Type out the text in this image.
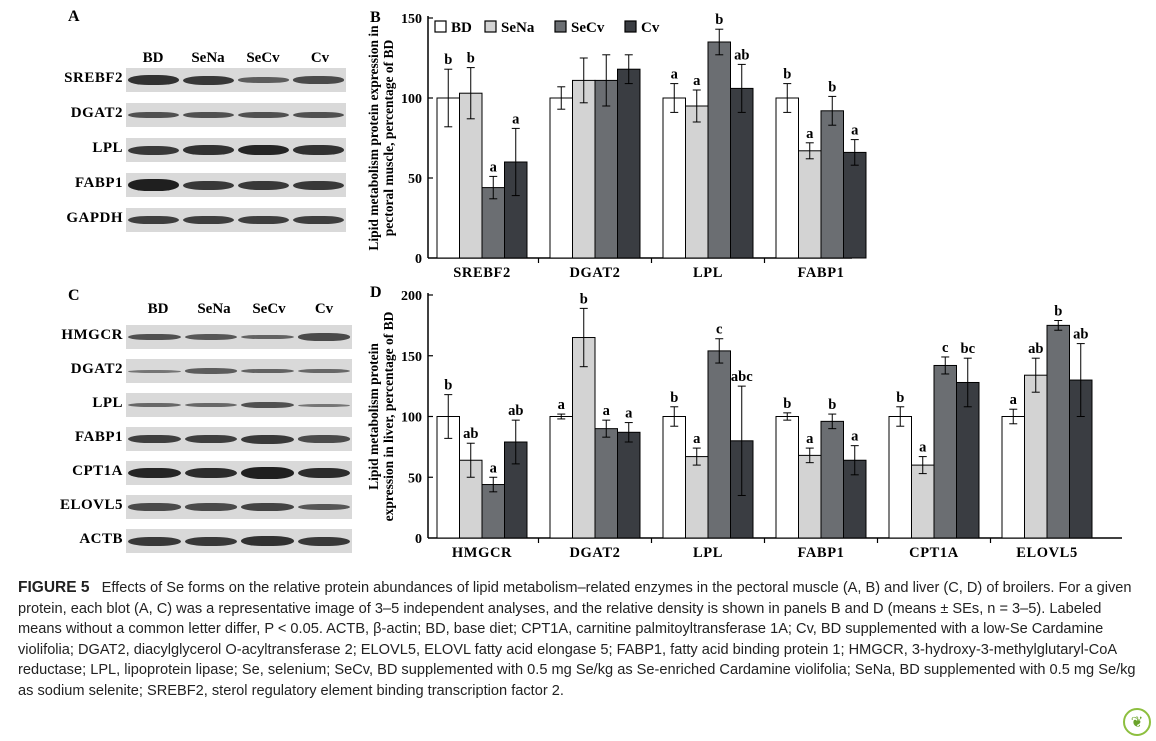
A
BD	SeNa	SeCv	Cv
SREBF2
DGAT2
LPL
FABP1
GAPDH
C
BD	SeNa	SeCv	Cv
HMGCR
DGAT2
LPL
FABP1
CPT1A
ELOVL5
ACTB
Lipid metabolism protein expression inpectoral muscle, percentage of BD 50
100
150
0
b b
a
a
SREBF2	DGAT2
a a
b
ab
LPL
b
a
b
a
FABP1
B
BD SeNa SeCv Cv
Lipid metabolism proteinexpression in liver, percentage of BD 50
100
150
200
0
b
ab
a
ab
HMGCR
a
b
a a
DGAT2
b
a
c
abc
LPL
b
a
b
a
FABP1
b
a
c bc
CPT1A
a
ab
b
ab
ELOVL5
D
FIGURE 5 Effects of Se forms on the relative protein abundances of lipid metabolism–related enzymes in the pectoral muscle (A, B) and liver (C, D) of broilers. For a given protein, each blot (A, C) was a representative image of 3–5 independent analyses, and the relative density is shown in panels B and D (means ± SEs, n = 3–5). Labeled means without a common letter differ, P < 0.05. ACTB, β-actin; BD, base diet; CPT1A, carnitine palmitoyltransferase 1A; Cv, BD supplemented with a low-Se Cardamine violifolia; DGAT2, diacylglycerol O-acyltransferase 2; ELOVL5, ELOVL fatty acid elongase 5; FABP1, fatty acid binding protein 1; HMGCR, 3-hydroxy-3-methylglutaryl-CoA reductase; LPL, lipoprotein lipase; Se, selenium; SeCv, BD supplemented with 0.5 mg Se/kg as Se-enriched Cardamine violifolia; SeNa, BD supplemented with 0.5 mg Se/kg as sodium selenite; SREBF2, sterol regulatory element binding transcription factor 2.
❦
